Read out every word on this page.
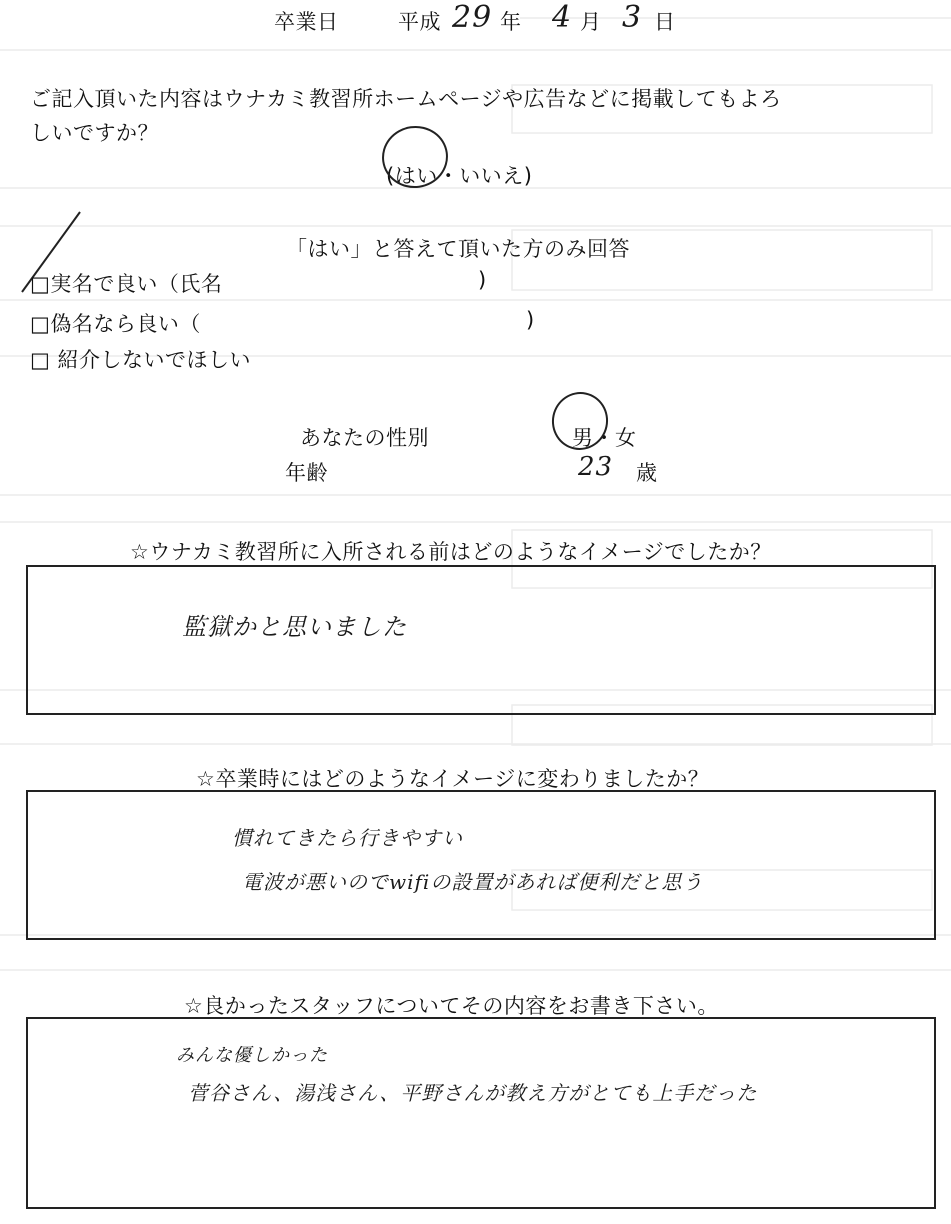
卒業日	平成 29 年 4 月 3 日
ご記入頂いた内容はウナカミ教習所ホームページや広告などに掲載してもよろ
しいですか？
(はい・いいえ)
「はい」と答えて頂いた方のみ回答
□実名で良い（氏名	)
□偽名なら良い（	)
□ 紹介しないでほしい
あなたの性別	男・女
年齢	23 歳
☆ウナカミ教習所に入所される前はどのようなイメージでしたか？
監獄かと思いました
☆卒業時にはどのようなイメージに変わりましたか？
慣れてきたら行きやすい
電波が悪いのでwifiの設置があれば便利だと思う
☆良かったスタッフについてその内容をお書き下さい。
みんな優しかった
菅谷さん、湯浅さん、平野さんが教え方がとても上手だった
